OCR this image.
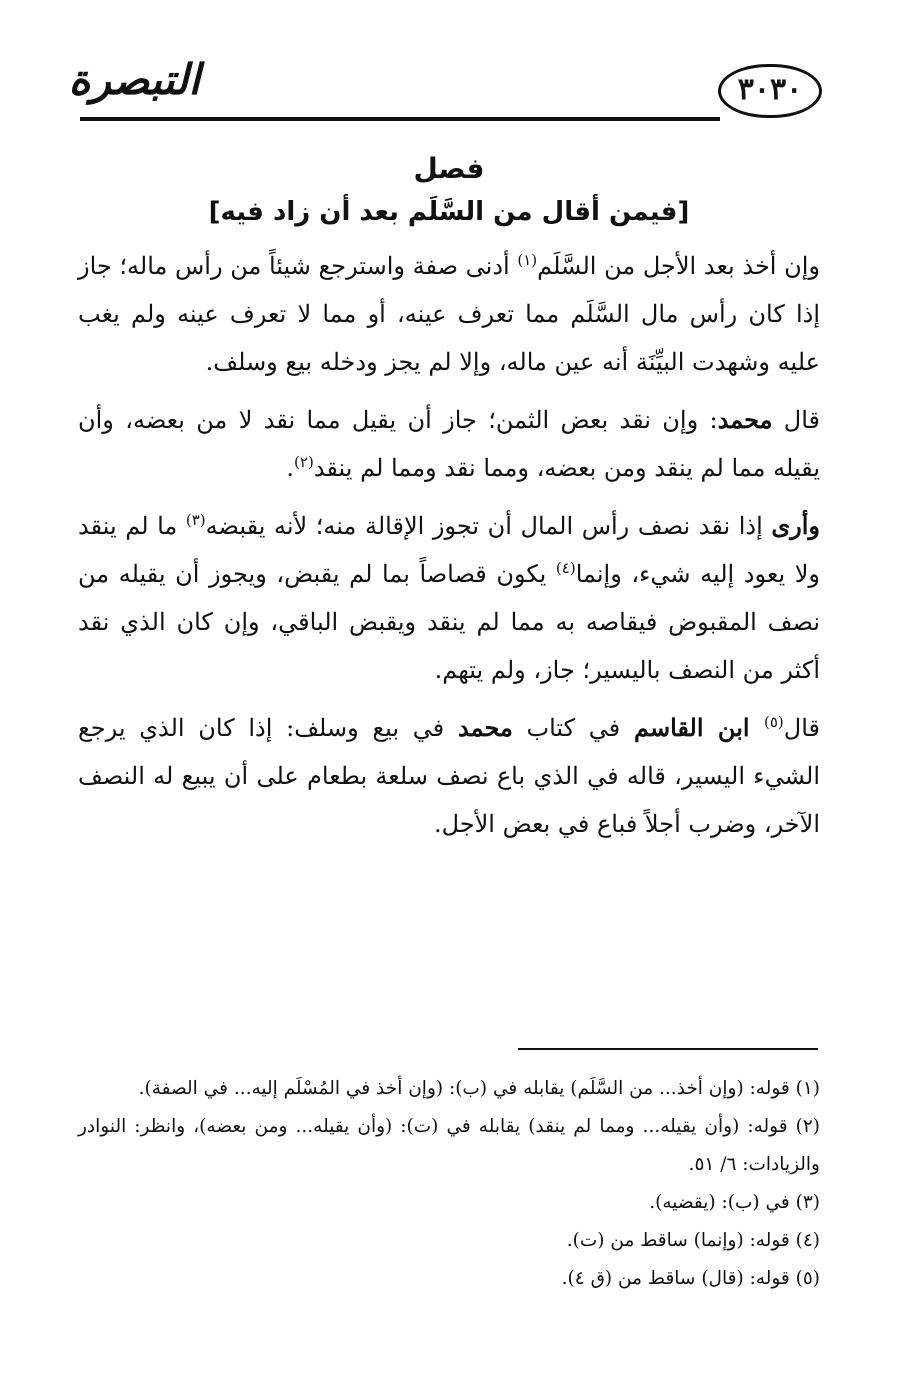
التبصرة	٣٠٣٠
فصل
[فيمن أقال من السَّلَم بعد أن زاد فيه]

وإن أخذ بعد الأجل من السَّلَم$^{(١)}$ أدنى صفة واسترجع شيئاً من رأس ماله؛ جاز إذا كان رأس مال السَّلَم مما تعرف عينه، أو مما لا تعرف عينه ولم يغب عليه وشهدت البيِّنَة أنه عين ماله، وإلا لم يجز ودخله بيع وسلف.

قال محمد: وإن نقد بعض الثمن؛ جاز أن يقيل مما نقد لا من بعضه، وأن يقيله مما لم ينقد ومن بعضه، ومما نقد ومما لم ينقد$^{(٢)}$.

وأرى إذا نقد نصف رأس المال أن تجوز الإقالة منه؛ لأنه يقبضه$^{(٣)}$ ما لم ينقد ولا يعود إليه شيء، وإنما$^{(٤)}$ يكون قصاصاً بما لم يقبض، ويجوز أن يقيله من نصف المقبوض فيقاصه به مما لم ينقد ويقبض الباقي، وإن كان الذي نقد أكثر من النصف باليسير؛ جاز، ولم يتهم.

قال$^{(٥)}$ ابن القاسم في كتاب محمد في بيع وسلف: إذا كان الذي يرجع الشيء اليسير، قاله في الذي باع نصف سلعة بطعام على أن يبيع له النصف الآخر، وضرب أجلاً فباع في بعض الأجل.

(١) قوله: (وإن أخذ... من السَّلَم) يقابله في (ب): (وإن أخذ في المُسْلَم إليه... في الصفة).

(٢) قوله: (وأن يقيله... ومما لم ينقد) يقابله في (ت): (وأن يقيله... ومن بعضه)، وانظر: النوادر والزيادات: ٦/ ٥١.

(٣) في (ب): (يقضيه).

(٤) قوله: (وإنما) ساقط من (ت).

(٥) قوله: (قال) ساقط من (ق ٤).
